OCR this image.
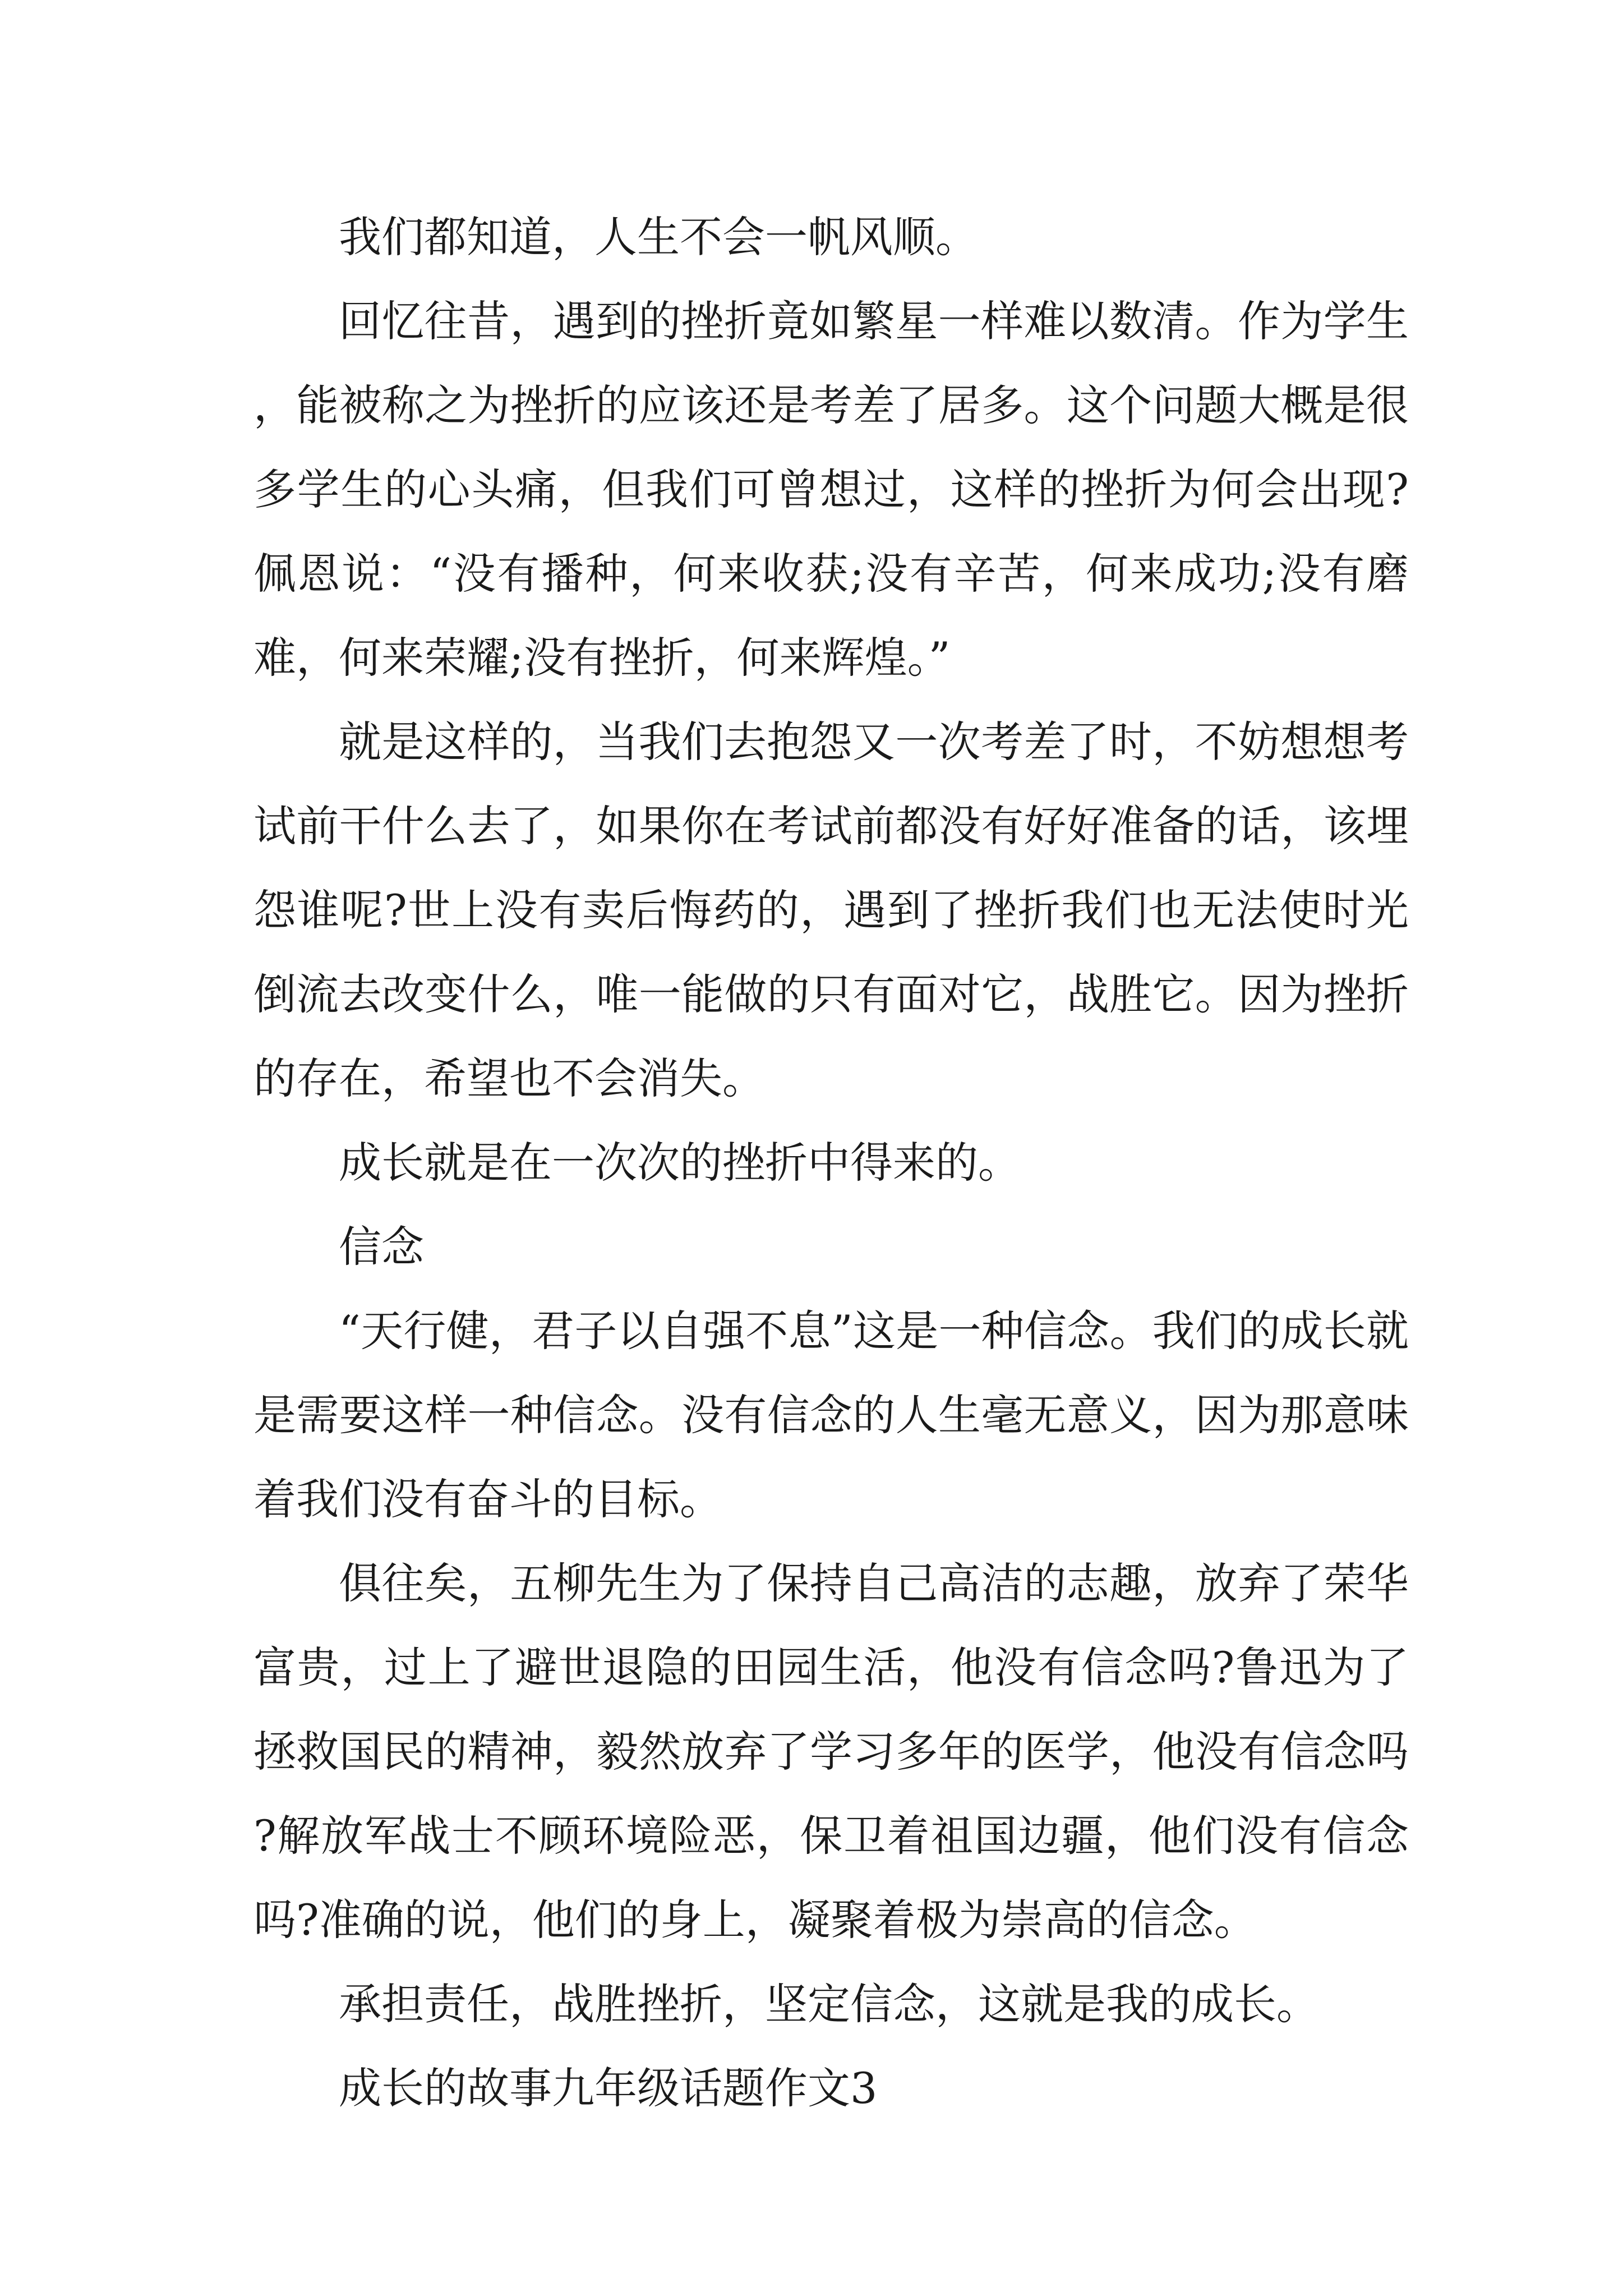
我们都知道，人生不会一帆风顺。

回忆往昔，遇到的挫折竟如繁星一样难以数清。作为学生，能被称之为挫折的应该还是考差了居多。这个问题大概是很多学生的心头痛，但我们可曾想过，这样的挫折为何会出现?佩恩说：“没有播种，何来收获;没有辛苦，何来成功;没有磨难，何来荣耀;没有挫折，何来辉煌。”

就是这样的，当我们去抱怨又一次考差了时，不妨想想考试前干什么去了，如果你在考试前都没有好好准备的话，该埋怨谁呢?世上没有卖后悔药的，遇到了挫折我们也无法使时光倒流去改变什么，唯一能做的只有面对它，战胜它。因为挫折的存在，希望也不会消失。

成长就是在一次次的挫折中得来的。

信念

“天行健，君子以自强不息”这是一种信念。我们的成长就是需要这样一种信念。没有信念的人生毫无意义，因为那意味着我们没有奋斗的目标。

俱往矣，五柳先生为了保持自己高洁的志趣，放弃了荣华富贵，过上了避世退隐的田园生活，他没有信念吗?鲁迅为了拯救国民的精神，毅然放弃了学习多年的医学，他没有信念吗?解放军战士不顾环境险恶，保卫着祖国边疆，他们没有信念吗?准确的说，他们的身上，凝聚着极为崇高的信念。

承担责任，战胜挫折，坚定信念，这就是我的成长。

成长的故事九年级话题作文3
